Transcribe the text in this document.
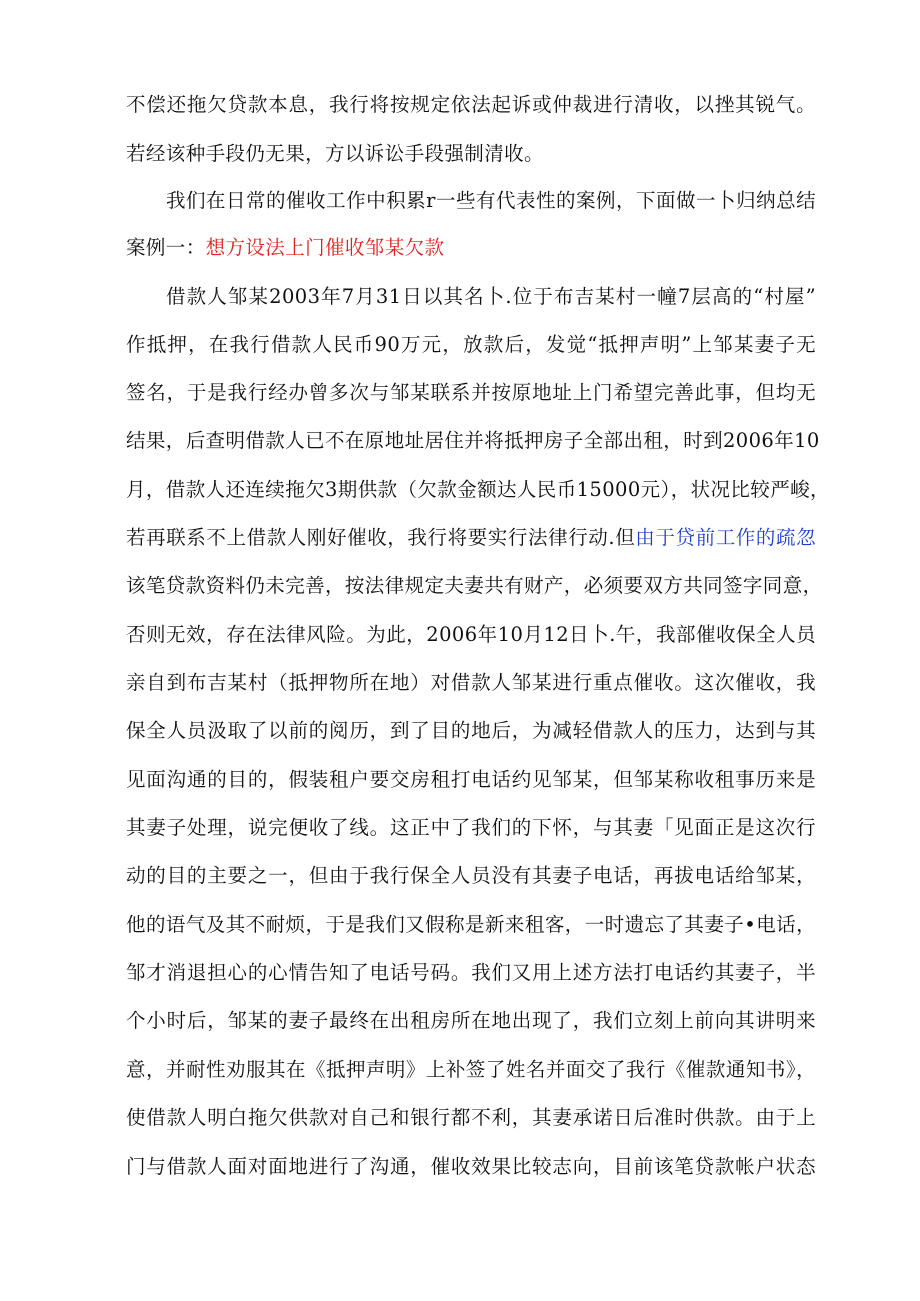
不偿还拖欠贷款本息，我行将按规定依法起诉或仲裁进行清收，以挫其锐气。
若经该种手段仍无果，方以诉讼手段强制清收。
我们在日常的催收工作中积累r一些有代表性的案例，下面做一卜归纳总结
案例一：想方设法上门催收邹某欠款
借款人邹某2003年7月31日以其名卜.位于布吉某村一幢7层高的“村屋”
作抵押，在我行借款人民币90万元，放款后，发觉“抵押声明”上邹某妻子无
签名，于是我行经办曾多次与邹某联系并按原地址上门希望完善此事，但均无
结果，后查明借款人已不在原地址居住并将抵押房子全部出租，时到2006年10
月，借款人还连续拖欠3期供款（欠款金额达人民币15000元），状况比较严峻，
若再联系不上借款人刚好催收，我行将要实行法律行动.但由于贷前工作的疏忽
该笔贷款资料仍未完善，按法律规定夫妻共有财产，必须要双方共同签字同意，
否则无效，存在法律风险。为此，2006年10月12日卜.午，我部催收保全人员
亲自到布吉某村（抵押物所在地）对借款人邹某进行重点催收。这次催收，我
保全人员汲取了以前的阅历，到了目的地后，为减轻借款人的压力，达到与其
见面沟通的目的，假装租户要交房租打电话约见邹某，但邹某称收租事历来是
其妻子处理，说完便收了线。这正中了我们的下怀，与其妻「见面正是这次行
动的目的主要之一，但由于我行保全人员没有其妻子电话，再拔电话给邹某，
他的语气及其不耐烦，于是我们又假称是新来租客，一时遗忘了其妻子•电话，
邹才消退担心的心情告知了电话号码。我们又用上述方法打电话约其妻子，半
个小时后，邹某的妻子最终在出租房所在地出现了，我们立刻上前向其讲明来
意，并耐性劝服其在《抵押声明》上补签了姓名并面交了我行《催款通知书》，
使借款人明白拖欠供款对自己和银行都不利，其妻承诺日后准时供款。由于上
门与借款人面对面地进行了沟通，催收效果比较志向，目前该笔贷款帐户状态
